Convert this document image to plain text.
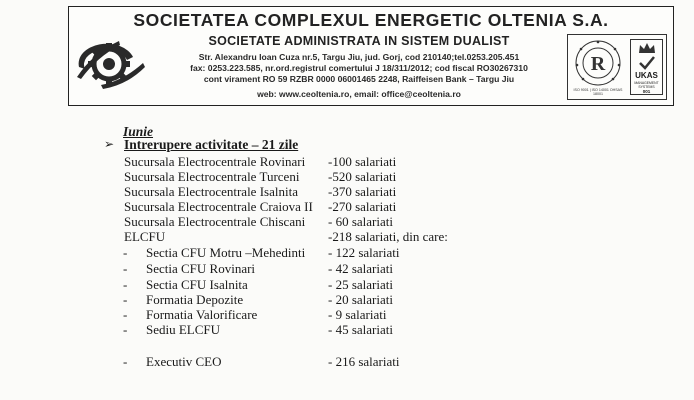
SOCIETATEA COMPLEXUL ENERGETIC OLTENIA S.A.
SOCIETATE ADMINISTRATA IN SISTEM DUALIST
Str. Alexandru Ioan Cuza nr.5, Targu Jiu, jud. Gorj, cod 210140;tel.0253.205.451
fax: 0253.223.585, nr.ord.registrul comertului J 18/311/2012; cod fiscal RO30267310
cont virament RO 59 RZBR 0000 06001465 2248, Raiffeisen Bank – Targu Jiu
web: www.ceoltenia.ro, email: office@ceoltenia.ro
R
ISO 9001 | ISO 14001 OHSAS 18001
UKAS
MANAGEMENT SYSTEMS
001
Iunie
➢ Intrerupere activitate – 21 zile
Sucursala Electrocentrale Rovinari -100 salariati
Sucursala Electrocentrale Turceni -520 salariati
Sucursala Electrocentrale Isalnita -370 salariati
Sucursala Electrocentrale Craiova II -270 salariati
Sucursala Electrocentrale Chiscani - 60 salariati
ELCFU	-218 salariati, din care:
- Sectia CFU Motru –Mehedinti - 122 salariati
- Sectia CFU Rovinari	- 42 salariati
- Sectia CFU Isalnita	- 25 salariati
- Formatia Depozite	- 20 salariati
- Formatia Valorificare	- 9 salariati
- Sediu ELCFU	- 45 salariati
- Executiv CEO	- 216 salariati
